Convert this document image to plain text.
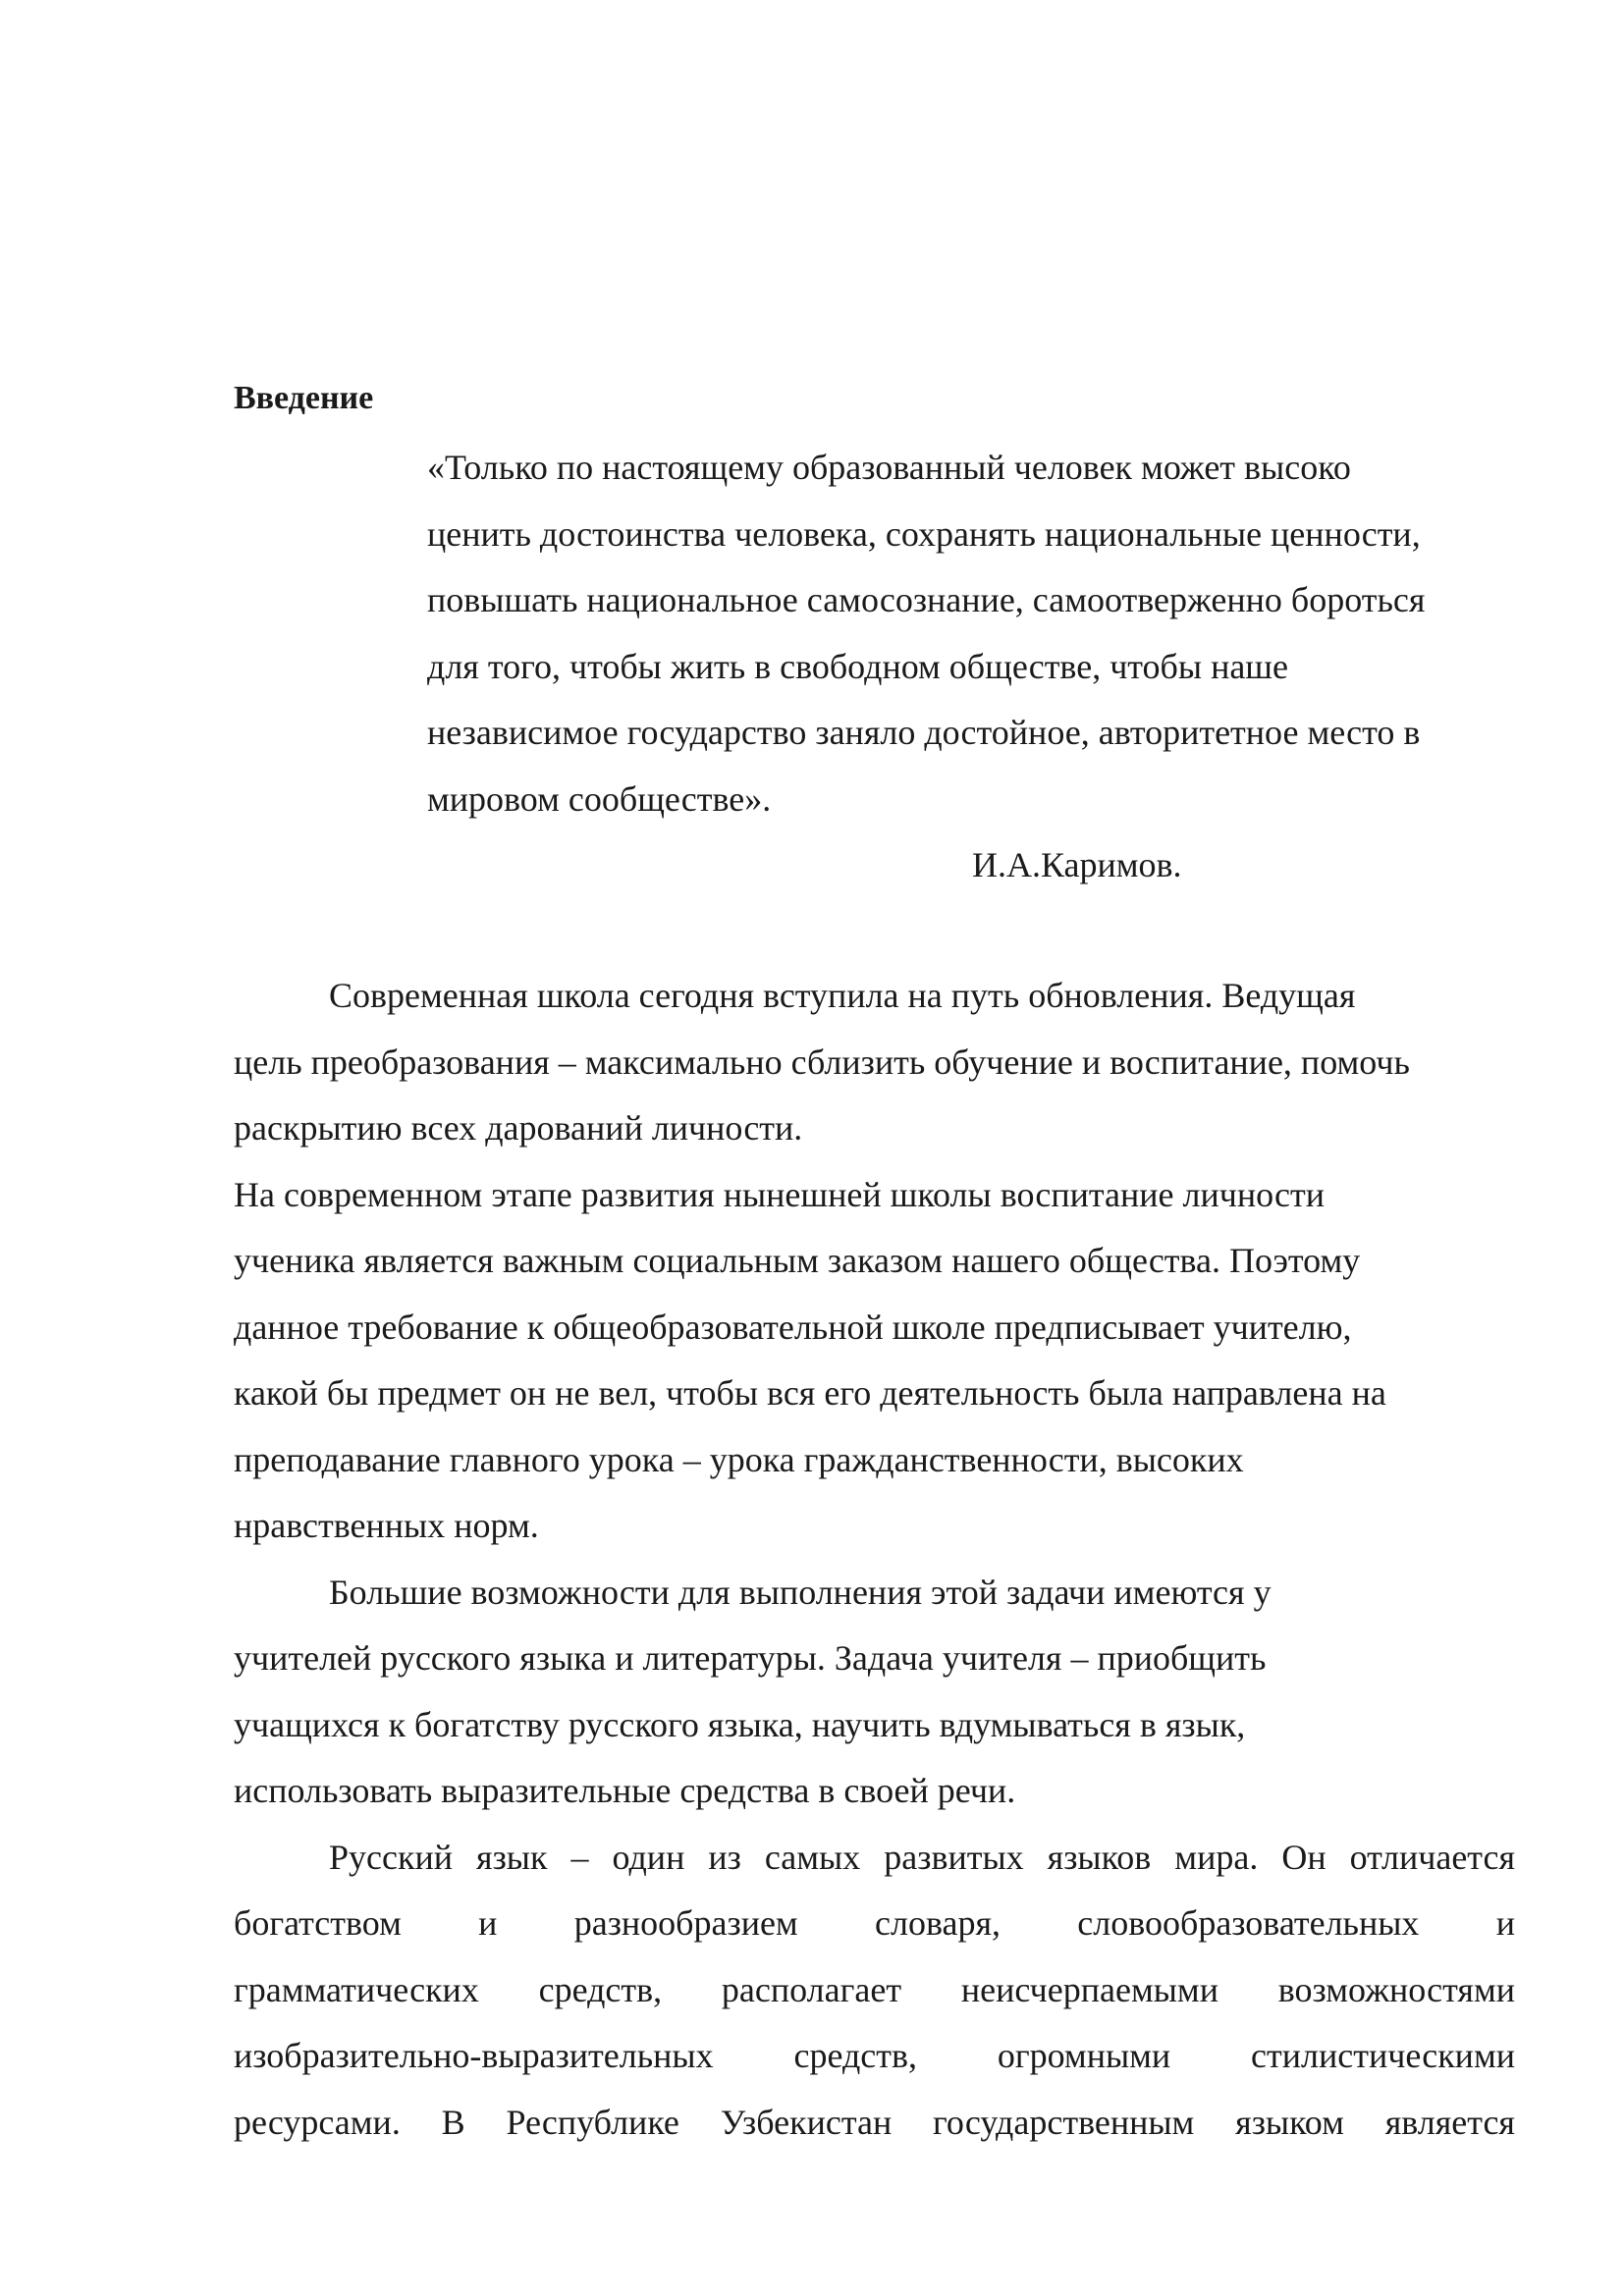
Введение
«Только по настоящему образованный человек может высоко
ценить достоинства человека, сохранять национальные ценности,
повышать национальное самосознание, самоотверженно бороться
для того, чтобы жить в свободном обществе, чтобы наше
независимое государство заняло достойное, авторитетное место в
мировом сообществе».
И.А.Каримов.
Современная школа сегодня вступила на путь обновления. Ведущая
цель преобразования – максимально сблизить обучение и воспитание, помочь
раскрытию всех дарований личности.
На современном этапе развития нынешней школы воспитание личности
ученика является важным социальным заказом нашего общества. Поэтому
данное требование к общеобразовательной школе предписывает учителю,
какой бы предмет он не вел, чтобы вся его деятельность была направлена на
преподавание главного урока – урока гражданственности, высоких
нравственных норм.
Большие возможности для выполнения этой задачи имеются у
учителей русского языка и литературы. Задача учителя – приобщить
учащихся к богатству русского языка, научить вдумываться в язык,
использовать выразительные средства в своей речи.
Русский язык – один из самых развитых языков мира. Он отличается
богатством и разнообразием словаря, словообразовательных и
грамматических средств, располагает неисчерпаемыми возможностями
изобразительно-выразительных средств, огромными стилистическими
ресурсами. В Республике Узбекистан государственным языком является
